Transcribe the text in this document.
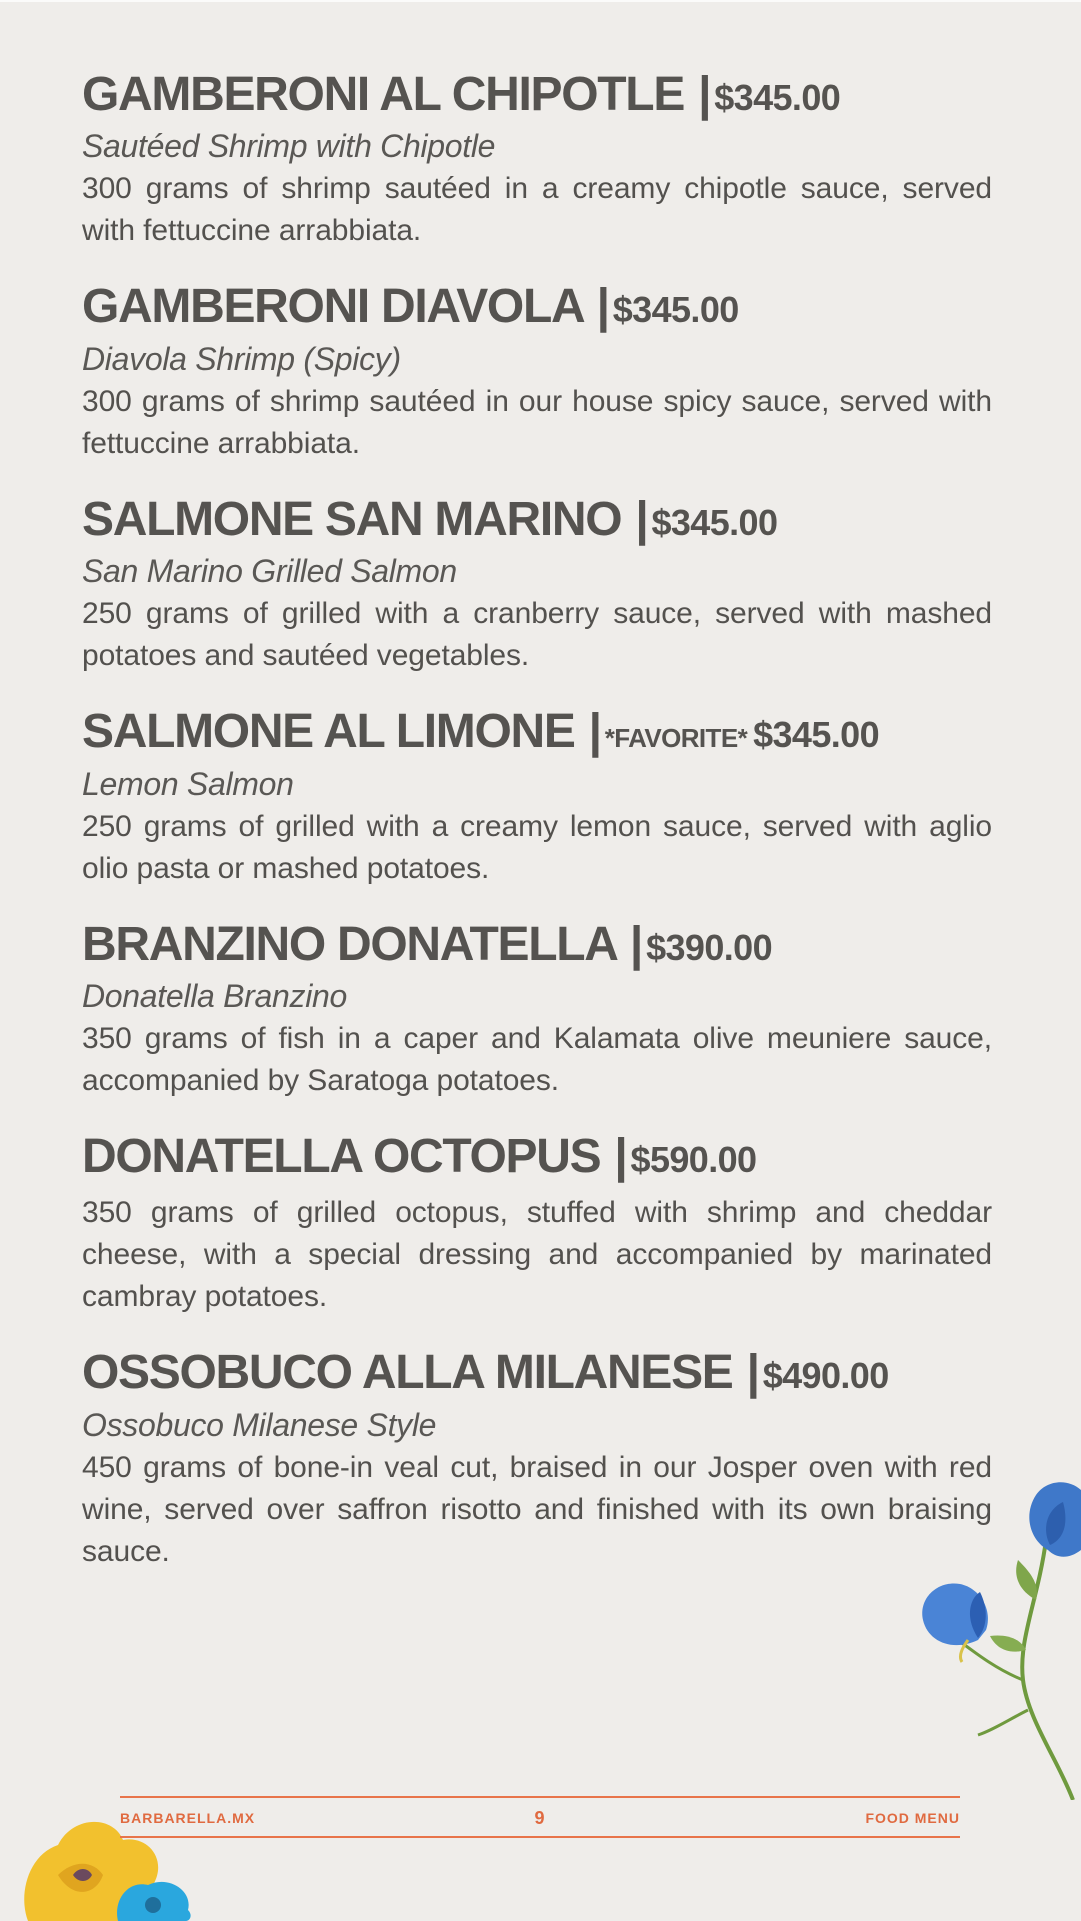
GAMBERONI AL CHIPOTLE | $345.00

Sautéed Shrimp with Chipotle

300 grams of shrimp sautéed in a creamy chipotle sauce, served with fettuccine arrabbiata.

GAMBERONI DIAVOLA | $345.00

Diavola Shrimp (Spicy)

300 grams of shrimp sautéed in our house spicy sauce, served with fettuccine arrabbiata.

SALMONE SAN MARINO | $345.00

San Marino Grilled Salmon

250 grams of grilled with a cranberry sauce, served with mashed potatoes and sautéed vegetables.

SALMONE AL LIMONE | *FAVORITE* $345.00

Lemon Salmon

250 grams of grilled with a creamy lemon sauce, served with aglio olio pasta or mashed potatoes.

BRANZINO DONATELLA | $390.00

Donatella Branzino

350 grams of fish in a caper and Kalamata olive meuniere sauce, accompanied by Saratoga potatoes.

DONATELLA OCTOPUS | $590.00

350 grams of grilled octopus, stuffed with shrimp and cheddar cheese, with a special dressing and accompanied by marinated cambray potatoes.

OSSOBUCO ALLA MILANESE | $490.00

Ossobuco Milanese Style

450 grams of bone-in veal cut, braised in our Josper oven with red wine, served over saffron risotto and finished with its own braising sauce.

BARBARELLA.MX	9	FOOD MENU
